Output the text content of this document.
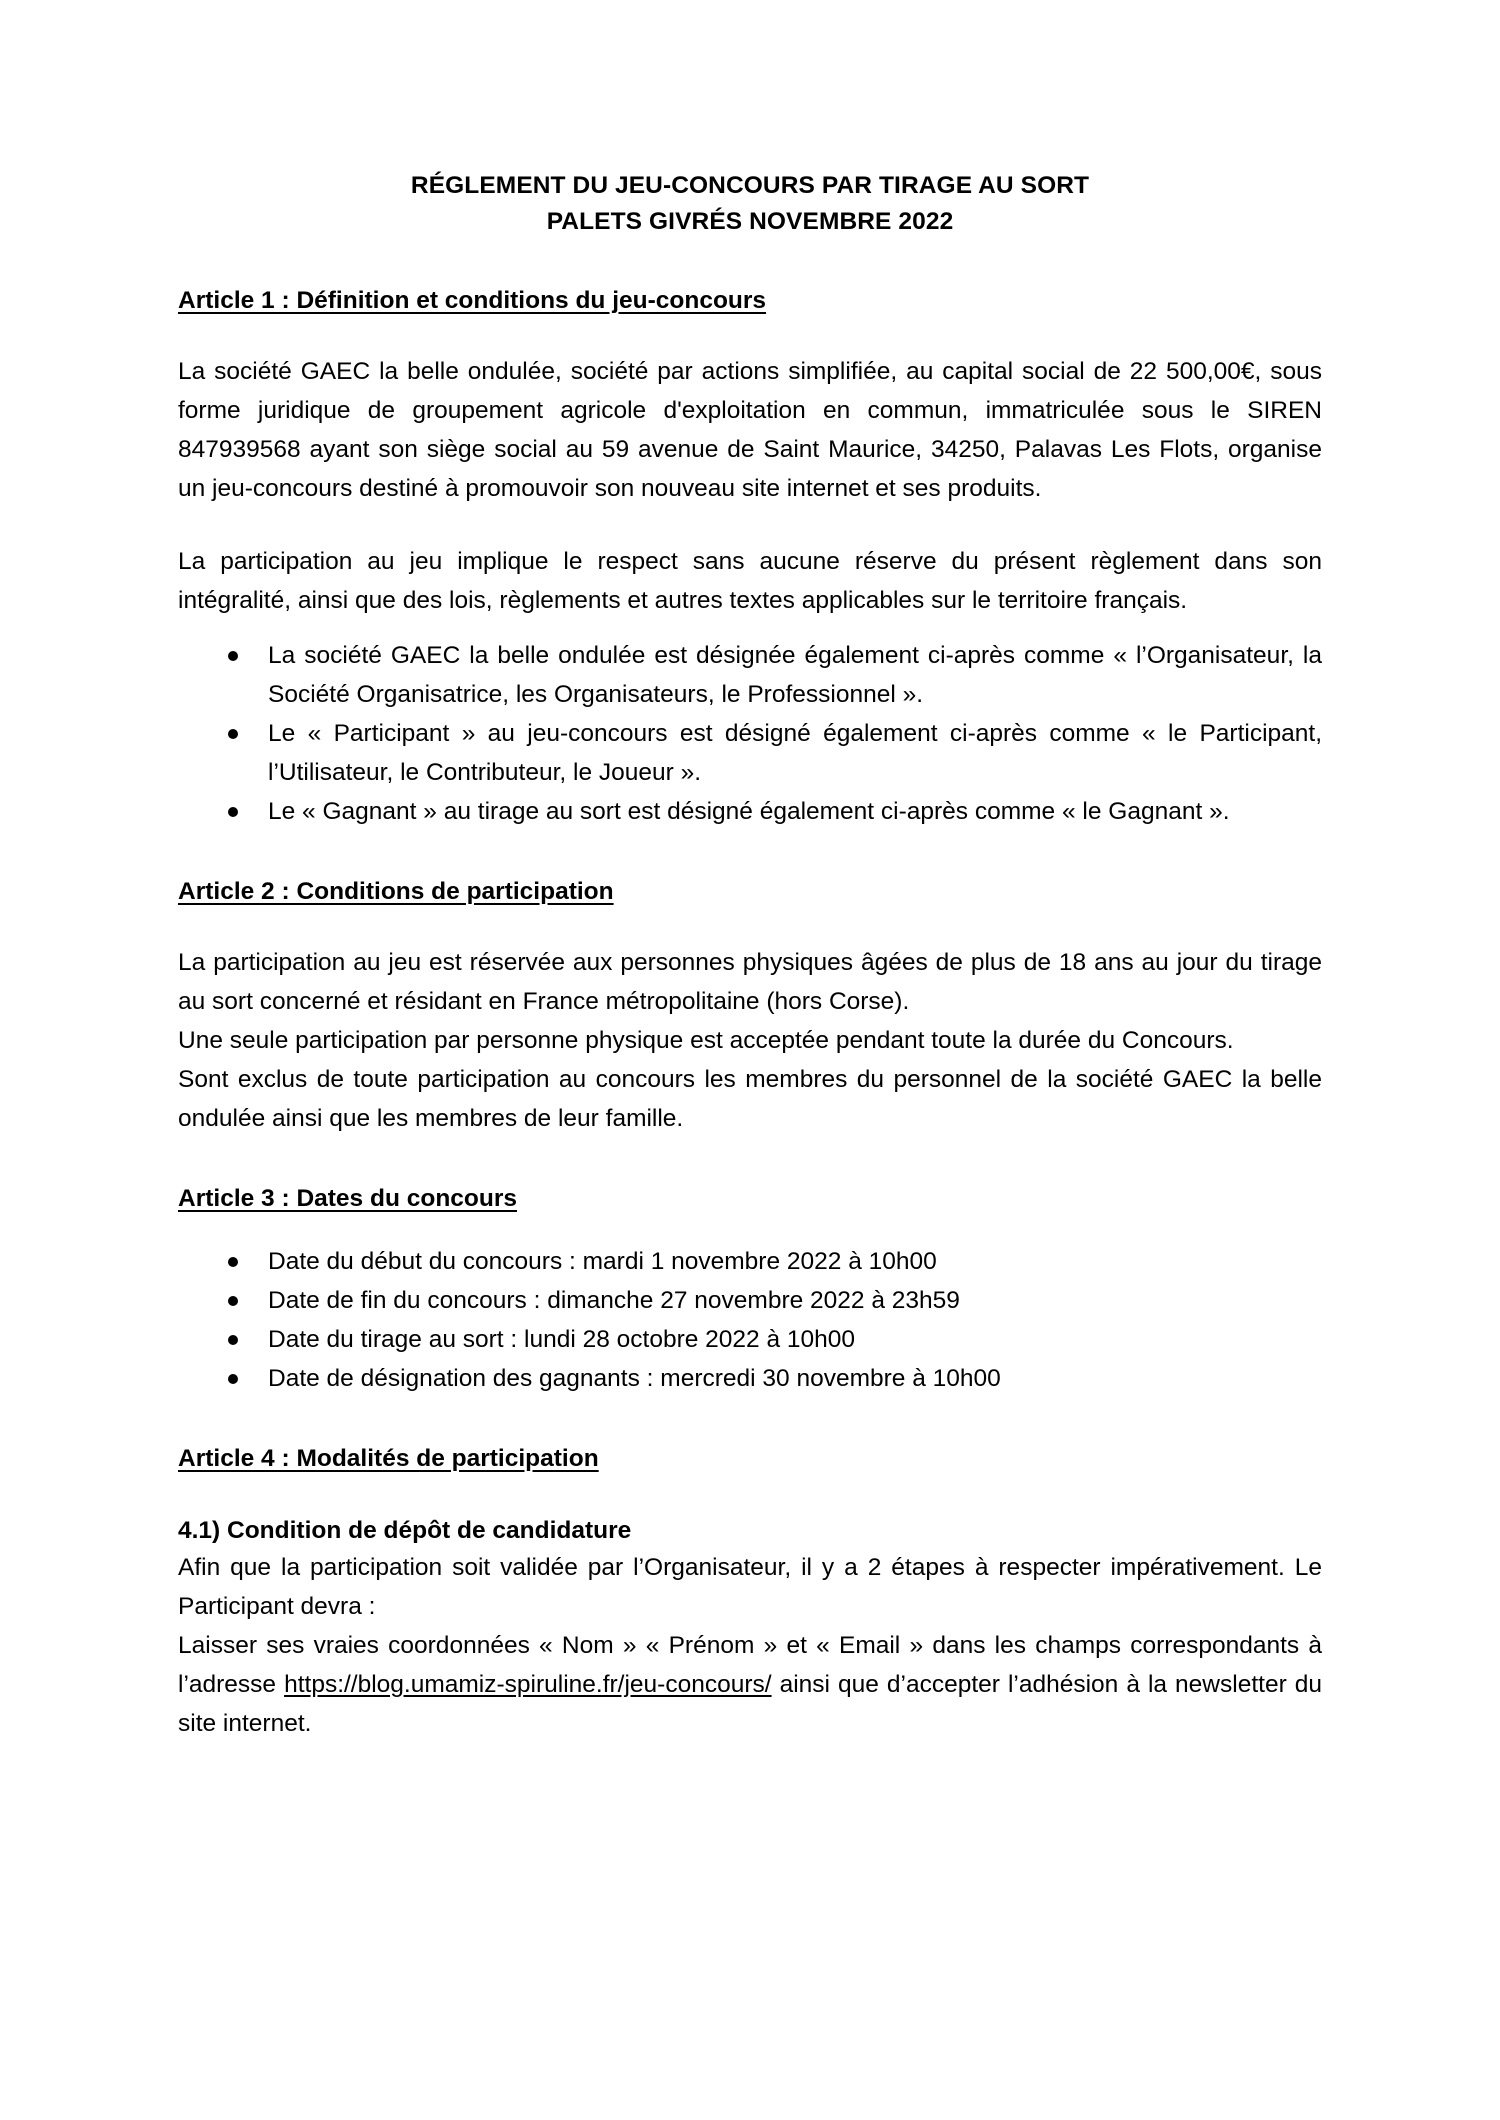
RÉGLEMENT DU JEU-CONCOURS PAR TIRAGE AU SORT
PALETS GIVRÉS NOVEMBRE 2022
Article 1 : Définition et conditions du jeu-concours

La société GAEC la belle ondulée, société par actions simplifiée, au capital social de 22 500,00€, sous forme juridique de groupement agricole d'exploitation en commun, immatriculée sous le SIREN 847939568 ayant son siège social au 59 avenue de Saint Maurice, 34250, Palavas Les Flots, organise un jeu-concours destiné à promouvoir son nouveau site internet et ses produits.

La participation au jeu implique le respect sans aucune réserve du présent règlement dans son intégralité, ainsi que des lois, règlements et autres textes applicables sur le territoire français.

La société GAEC la belle ondulée est désignée également ci-après comme « l’Organisateur, la Société Organisatrice, les Organisateurs, le Professionnel ».
Le « Participant » au jeu-concours est désigné également ci-après comme « le Participant, l’Utilisateur, le Contributeur, le Joueur ».
Le « Gagnant » au tirage au sort est désigné également ci-après comme « le Gagnant ».
Article 2 : Conditions de participation

La participation au jeu est réservée aux personnes physiques âgées de plus de 18 ans au jour du tirage au sort concerné et résidant en France métropolitaine (hors Corse).

Une seule participation par personne physique est acceptée pendant toute la durée du Concours.

Sont exclus de toute participation au concours les membres du personnel de la société GAEC la belle ondulée ainsi que les membres de leur famille.

Article 3 : Dates du concours
Date du début du concours : mardi 1 novembre 2022 à 10h00
Date de fin du concours : dimanche 27 novembre 2022 à 23h59
Date du tirage au sort : lundi 28 octobre 2022 à 10h00
Date de désignation des gagnants : mercredi 30 novembre à 10h00
Article 4 : Modalités de participation
4.1) Condition de dépôt de candidature

Afin que la participation soit validée par l’Organisateur, il y a 2 étapes à respecter impérativement. Le Participant devra :

Laisser ses vraies coordonnées « Nom » « Prénom » et « Email » dans les champs correspondants à l’adresse https://blog.umamiz-spiruline.fr/jeu-concours/ ainsi que d’accepter l’adhésion à la newsletter du site internet.
